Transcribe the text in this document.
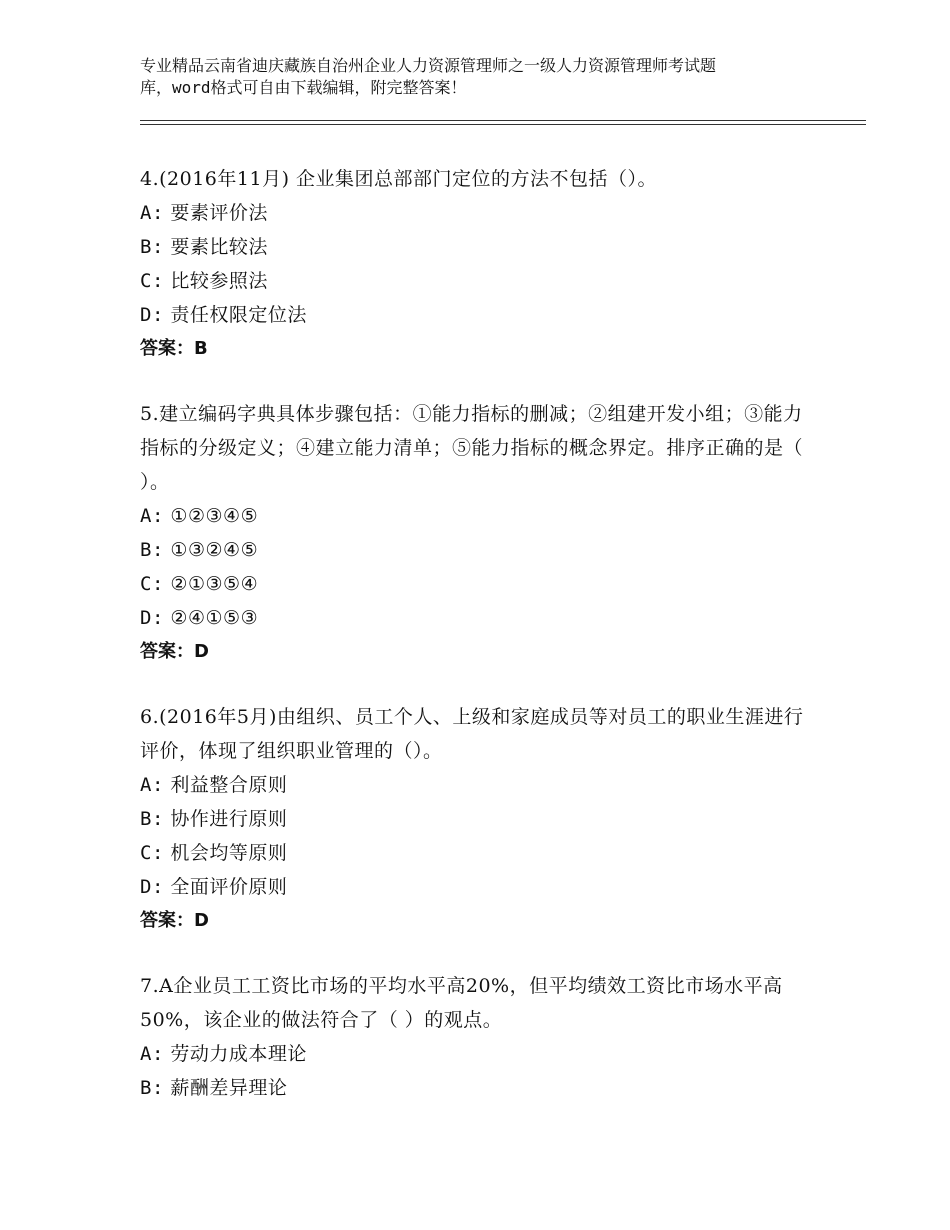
专业精品云南省迪庆藏族自治州企业人力资源管理师之一级人力资源管理师考试题
库，word格式可自由下载编辑，附完整答案！
4.(2016年11月) 企业集团总部部门定位的方法不包括（）。
A: 要素评价法
B: 要素比较法
C: 比较参照法
D: 责任权限定位法
答案：B
5.建立编码字典具体步骤包括：①能力指标的删减；②组建开发小组；③能力指标的分级定义；④建立能力清单；⑤能力指标的概念界定。排序正确的是（ ）。
A: ①②③④⑤
B: ①③②④⑤
C: ②①③⑤④
D: ②④①⑤③
答案：D
6.(2016年5月)由组织、员工个人、上级和家庭成员等对员工的职业生涯进行评价，体现了组织职业管理的（）。
A: 利益整合原则
B: 协作进行原则
C: 机会均等原则
D: 全面评价原则
答案：D
7.A企业员工工资比市场的平均水平高20%，但平均绩效工资比市场水平高50%，该企业的做法符合了（ ）的观点。
A: 劳动力成本理论
B: 薪酬差异理论
